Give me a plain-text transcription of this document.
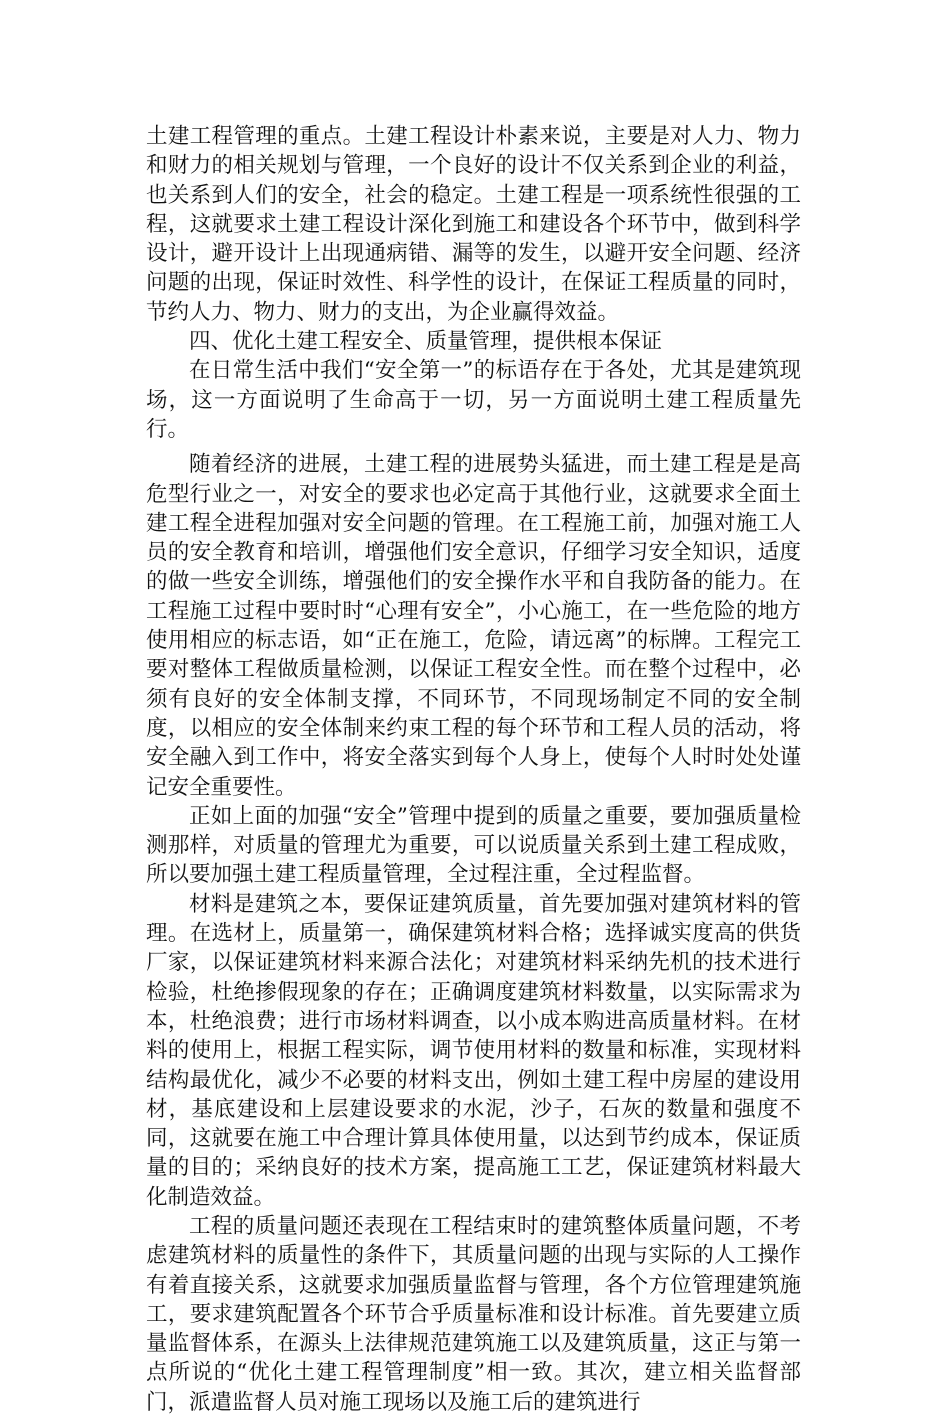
土建工程管理的重点。土建工程设计朴素来说，主要是对人力、物力和财力的相关规划与管理，一个良好的设计不仅关系到企业的利益，也关系到人们的安全，社会的稳定。土建工程是一项系统性很强的工程，这就要求土建工程设计深化到施工和建设各个环节中，做到科学设计，避开设计上出现通病错、漏等的发生，以避开安全问题、经济问题的出现，保证时效性、科学性的设计，在保证工程质量的同时，节约人力、物力、财力的支出，为企业赢得效益。

四、优化土建工程安全、质量管理，提供根本保证

在日常生活中我们“安全第一”的标语存在于各处，尤其是建筑现场，这一方面说明了生命高于一切，另一方面说明土建工程质量先行。

随着经济的进展，土建工程的进展势头猛进，而土建工程是是高危型行业之一，对安全的要求也必定高于其他行业，这就要求全面土建工程全进程加强对安全问题的管理。在工程施工前，加强对施工人员的安全教育和培训，增强他们安全意识，仔细学习安全知识，适度的做一些安全训练，增强他们的安全操作水平和自我防备的能力。在工程施工过程中要时时“心理有安全”，小心施工，在一些危险的地方使用相应的标志语，如“正在施工，危险，请远离”的标牌。工程完工要对整体工程做质量检测，以保证工程安全性。而在整个过程中，必须有良好的安全体制支撑，不同环节，不同现场制定不同的安全制度，以相应的安全体制来约束工程的每个环节和工程人员的活动，将安全融入到工作中，将安全落实到每个人身上，使每个人时时处处谨记安全重要性。

正如上面的加强“安全”管理中提到的质量之重要，要加强质量检测那样，对质量的管理尤为重要，可以说质量关系到土建工程成败，所以要加强土建工程质量管理，全过程注重，全过程监督。

材料是建筑之本，要保证建筑质量，首先要加强对建筑材料的管理。在选材上，质量第一，确保建筑材料合格；选择诚实度高的供货厂家，以保证建筑材料来源合法化；对建筑材料采纳先机的技术进行检验，杜绝掺假现象的存在；正确调度建筑材料数量，以实际需求为本，杜绝浪费；进行市场材料调查，以小成本购进高质量材料。在材料的使用上，根据工程实际，调节使用材料的数量和标准，实现材料结构最优化，减少不必要的材料支出，例如土建工程中房屋的建设用材，基底建设和上层建设要求的水泥，沙子，石灰的数量和强度不同，这就要在施工中合理计算具体使用量，以达到节约成本，保证质量的目的；采纳良好的技术方案，提高施工工艺，保证建筑材料最大化制造效益。

工程的质量问题还表现在工程结束时的建筑整体质量问题，不考虑建筑材料的质量性的条件下，其质量问题的出现与实际的人工操作有着直接关系，这就要求加强质量监督与管理，各个方位管理建筑施工，要求建筑配置各个环节合乎质量标准和设计标准。首先要建立质量监督体系，在源头上法律规范建筑施工以及建筑质量，这正与第一点所说的“优化土建工程管理制度”相一致。其次，建立相关监督部门，派遣监督人员对施工现场以及施工后的建筑进行
